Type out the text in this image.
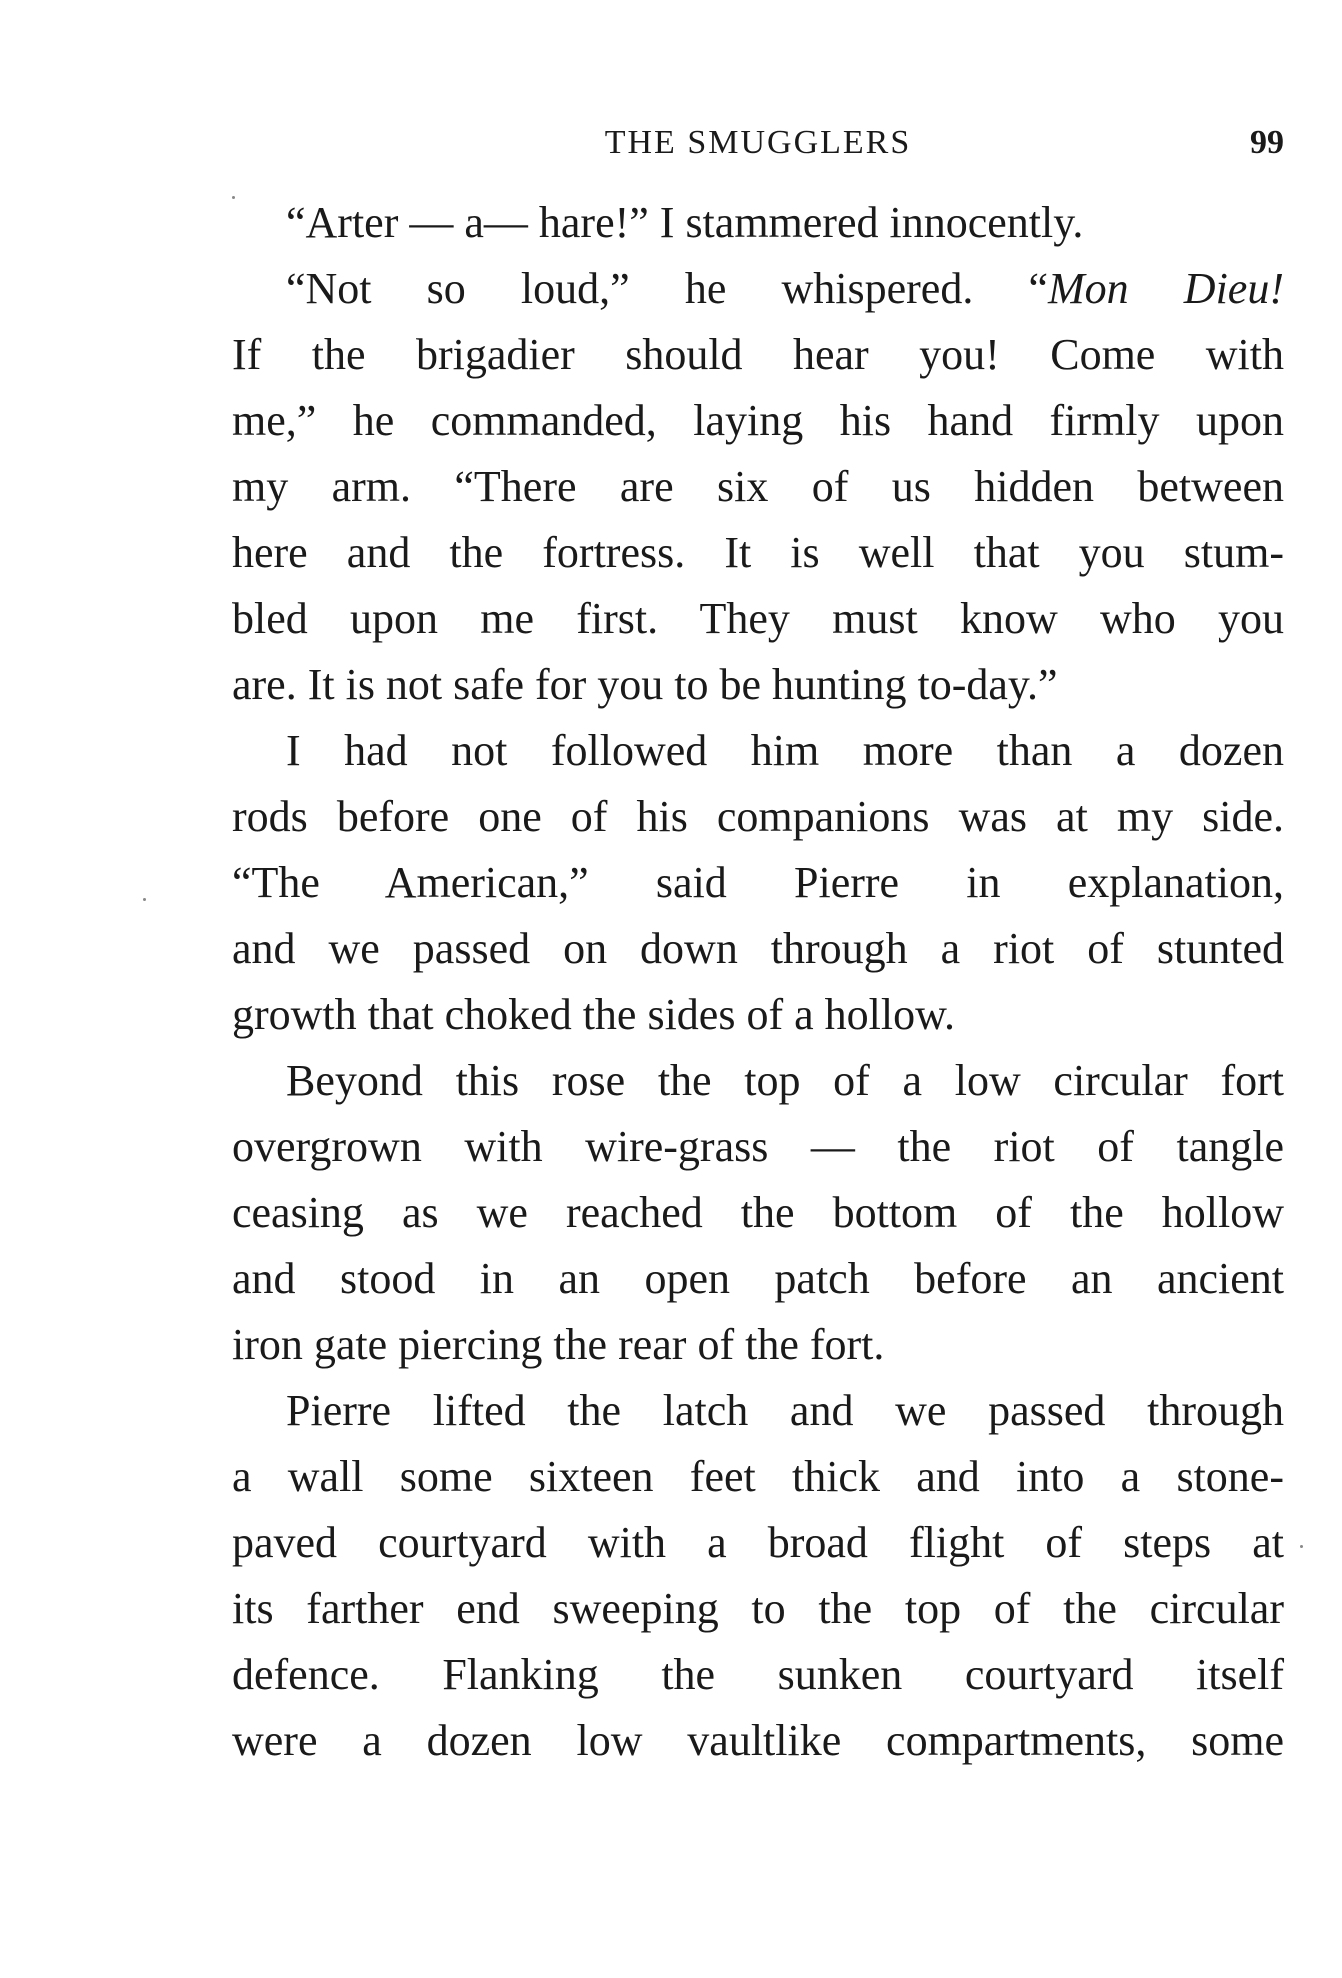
THE SMUGGLERS	99

“Arter — a— hare!” I stammered innocently.

“Not so loud,” he whispered. “Mon Dieu!
If the brigadier should hear you! Come with
me,” he commanded, laying his hand firmly upon
my arm. “There are six of us hidden between
here and the fortress. It is well that you stum-
bled upon me first. They must know who you
are. It is not safe for you to be hunting to-day.”

I had not followed him more than a dozen
rods before one of his companions was at my side.
“The American,” said Pierre in explanation,
and we passed on down through a riot of stunted
growth that choked the sides of a hollow.

Beyond this rose the top of a low circular fort
overgrown with wire-grass — the riot of tangle
ceasing as we reached the bottom of the hollow
and stood in an open patch before an ancient
iron gate piercing the rear of the fort.

Pierre lifted the latch and we passed through
a wall some sixteen feet thick and into a stone-
paved courtyard with a broad flight of steps at
its farther end sweeping to the top of the circular
defence. Flanking the sunken courtyard itself
were a dozen low vaultlike compartments, some
